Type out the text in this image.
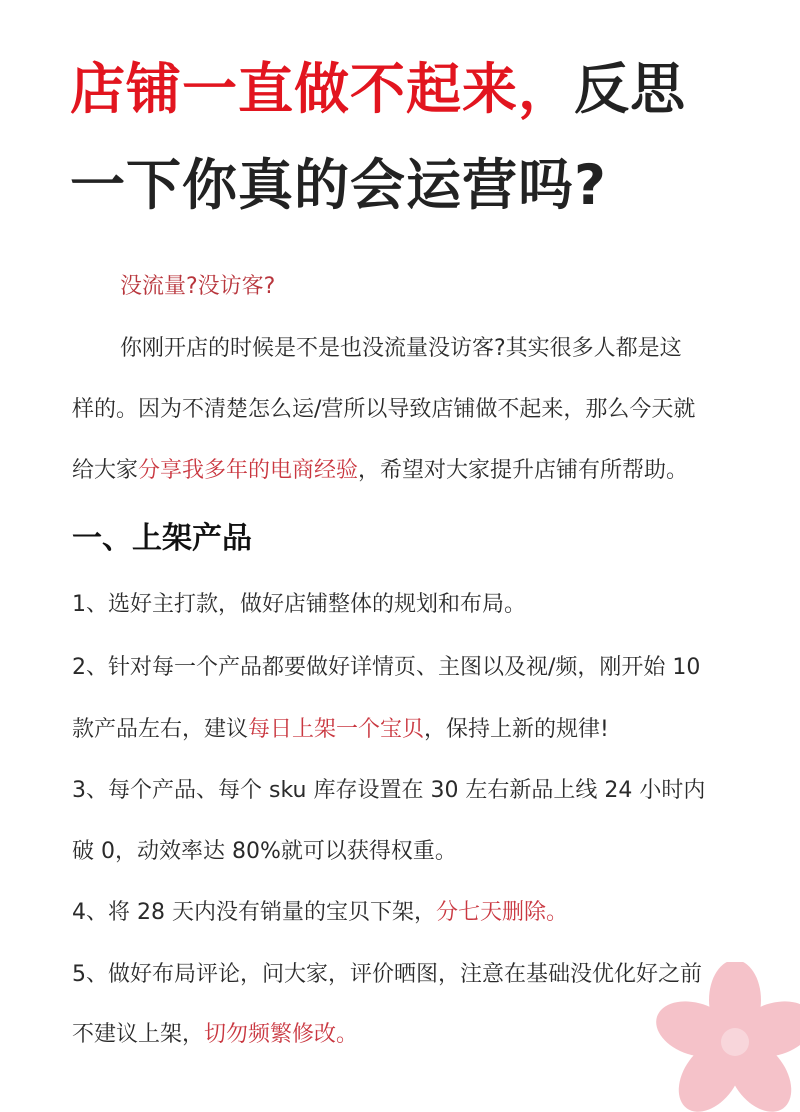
店铺一直做不起来，反思
一下你真的会运营吗?
没流量?没访客?
你刚开店的时候是不是也没流量没访客?其实很多人都是这
样的。因为不清楚怎么运/营所以导致店铺做不起来，那么今天就
给大家分享我多年的电商经验，希望对大家提升店铺有所帮助。
一、上架产品
1、选好主打款，做好店铺整体的规划和布局。
2、针对每一个产品都要做好详情页、主图以及视/频，刚开始 10
款产品左右，建议每日上架一个宝贝，保持上新的规律!
3、每个产品、每个 sku 库存设置在 30 左右新品上线 24 小时内
破 0，动效率达 80%就可以获得权重。
4、将 28 天内没有销量的宝贝下架，分七天删除。
5、做好布局评论，问大家，评价晒图，注意在基础没优化好之前
不建议上架，切勿频繁修改。
